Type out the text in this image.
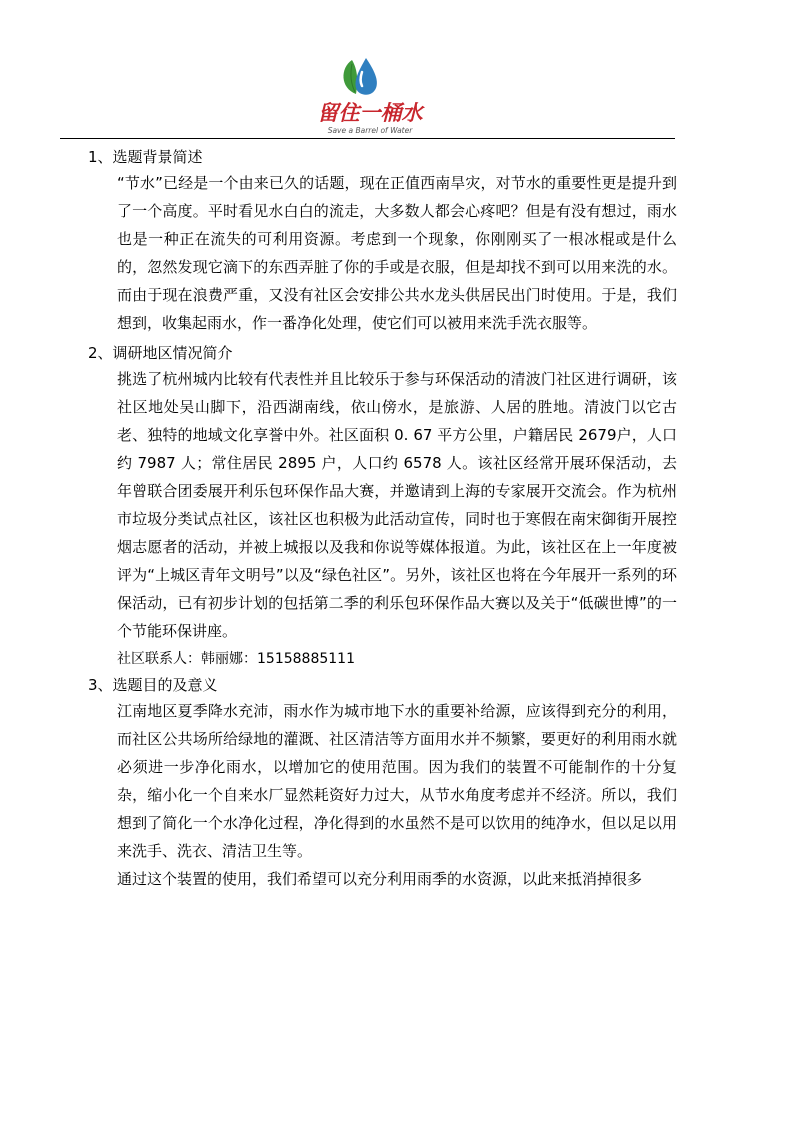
留住一桶水
Save a Barrel of Water

1、选题背景简述

“节水”已经是一个由来已久的话题，现在正值西南旱灾，对节水的重要性更是提升到了一个高度。平时看见水白白的流走，大多数人都会心疼吧？但是有没有想过，雨水也是一种正在流失的可利用资源。考虑到一个现象，你刚刚买了一根冰棍或是什么的，忽然发现它滴下的东西弄脏了你的手或是衣服，但是却找不到可以用来洗的水。而由于现在浪费严重，又没有社区会安排公共水龙头供居民出门时使用。于是，我们想到，收集起雨水，作一番净化处理，使它们可以被用来洗手洗衣服等。

2、调研地区情况简介

挑选了杭州城内比较有代表性并且比较乐于参与环保活动的清波门社区进行调研，该社区地处吴山脚下，沿西湖南线，依山傍水，是旅游、人居的胜地。清波门以它古老、独特的地域文化享誉中外。社区面积 0. 67 平方公里，户籍居民 2679户，人口约 7987 人；常住居民 2895 户，人口约 6578 人。该社区经常开展环保活动，去年曾联合团委展开利乐包环保作品大赛，并邀请到上海的专家展开交流会。作为杭州市垃圾分类试点社区，该社区也积极为此活动宣传，同时也于寒假在南宋御街开展控烟志愿者的活动，并被上城报以及我和你说等媒体报道。为此，该社区在上一年度被评为“上城区青年文明号”以及“绿色社区”。另外，该社区也将在今年展开一系列的环保活动，已有初步计划的包括第二季的利乐包环保作品大赛以及关于“低碳世博”的一个节能环保讲座。

社区联系人：韩丽娜：15158885111

3、选题目的及意义

江南地区夏季降水充沛，雨水作为城市地下水的重要补给源，应该得到充分的利用，而社区公共场所给绿地的灌溉、社区清洁等方面用水并不频繁，要更好的利用雨水就必须进一步净化雨水，以增加它的使用范围。因为我们的装置不可能制作的十分复杂，缩小化一个自来水厂显然耗资好力过大，从节水角度考虑并不经济。所以，我们想到了简化一个水净化过程，净化得到的水虽然不是可以饮用的纯净水，但以足以用来洗手、洗衣、清洁卫生等。

通过这个装置的使用，我们希望可以充分利用雨季的水资源，以此来抵消掉很多
